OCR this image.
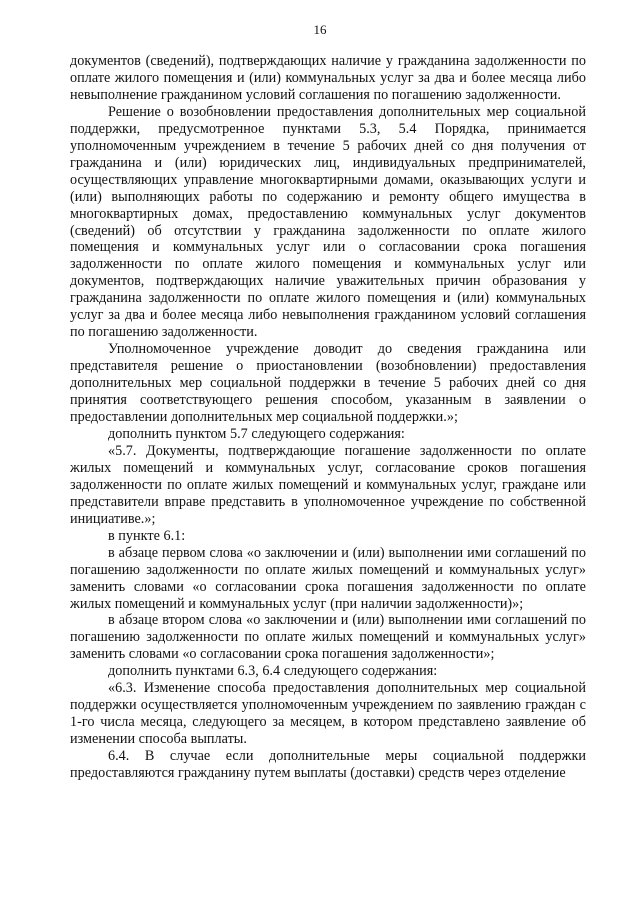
16

документов (сведений), подтверждающих наличие у гражданина задолженности по оплате жилого помещения и (или) коммунальных услуг за два и более месяца либо невыполнение гражданином условий соглашения по погашению задолженности.

Решение о возобновлении предоставления дополнительных мер социальной поддержки, предусмотренное пунктами 5.3, 5.4 Порядка, принимается уполномоченным учреждением в течение 5 рабочих дней со дня получения от гражданина и (или) юридических лиц, индивидуальных предпринимателей, осуществляющих управление многоквартирными домами, оказывающих услуги и (или) выполняющих работы по содержанию и ремонту общего имущества в многоквартирных домах, предоставлению коммунальных услуг документов (сведений) об отсутствии у гражданина задолженности по оплате жилого помещения и коммунальных услуг или о согласовании срока погашения задолженности по оплате жилого помещения и коммунальных услуг или документов, подтверждающих наличие уважительных причин образования у гражданина задолженности по оплате жилого помещения и (или) коммунальных услуг за два и более месяца либо невыполнения гражданином условий соглашения по погашению задолженности.

Уполномоченное учреждение доводит до сведения гражданина или представителя решение о приостановлении (возобновлении) предоставления дополнительных мер социальной поддержки в течение 5 рабочих дней со дня принятия соответствующего решения способом, указанным в заявлении о предоставлении дополнительных мер социальной поддержки.»;

дополнить пунктом 5.7 следующего содержания:

«5.7. Документы, подтверждающие погашение задолженности по оплате жилых помещений и коммунальных услуг, согласование сроков погашения задолженности по оплате жилых помещений и коммунальных услуг, граждане или представители вправе представить в уполномоченное учреждение по собственной инициативе.»;

в пункте 6.1:

в абзаце первом слова «о заключении и (или) выполнении ими соглашений по погашению задолженности по оплате жилых помещений и коммунальных услуг» заменить словами «о согласовании срока погашения задолженности по оплате жилых помещений и коммунальных услуг (при наличии задолженности)»;

в абзаце втором слова «о заключении и (или) выполнении ими соглашений по погашению задолженности по оплате жилых помещений и коммунальных услуг» заменить словами «о согласовании срока погашения задолженности»;

дополнить пунктами 6.3, 6.4 следующего содержания:

«6.3. Изменение способа предоставления дополнительных мер социальной поддержки осуществляется уполномоченным учреждением по заявлению граждан с 1-го числа месяца, следующего за месяцем, в котором представлено заявление об изменении способа выплаты.

6.4. В случае если дополнительные меры социальной поддержки предоставляются гражданину путем выплаты (доставки) средств через отделение
